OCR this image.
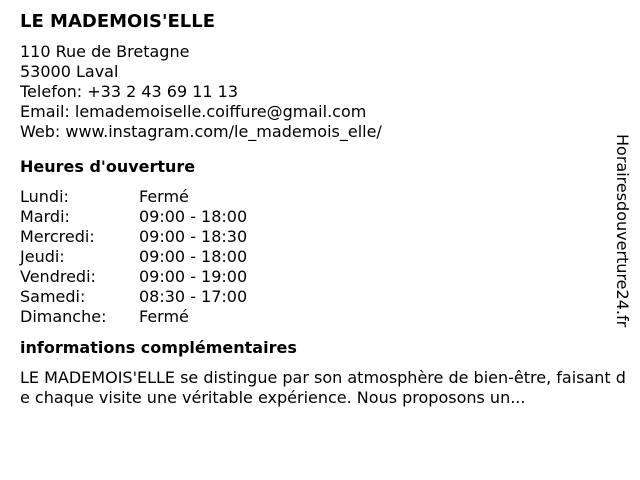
LE MADEMOIS'ELLE
110 Rue de Bretagne
53000 Laval
Telefon: +33 2 43 69 11 13
Email: lemademoiselle.coiffure@gmail.com
Web: www.instagram.com/le_mademois_elle/
Heures d'ouverture
Lundi:	Fermé
Mardi:	09:00 - 18:00
Mercredi:	09:00 - 18:30
Jeudi:	09:00 - 18:00
Vendredi:	09:00 - 19:00
Samedi:	08:30 - 17:00
Dimanche:	Fermé
informations complémentaires
LE MADEMOIS'ELLE se distingue par son atmosphère de bien-être, faisant de chaque visite une véritable expérience. Nous proposons un...
Horairesdouverture24.fr
